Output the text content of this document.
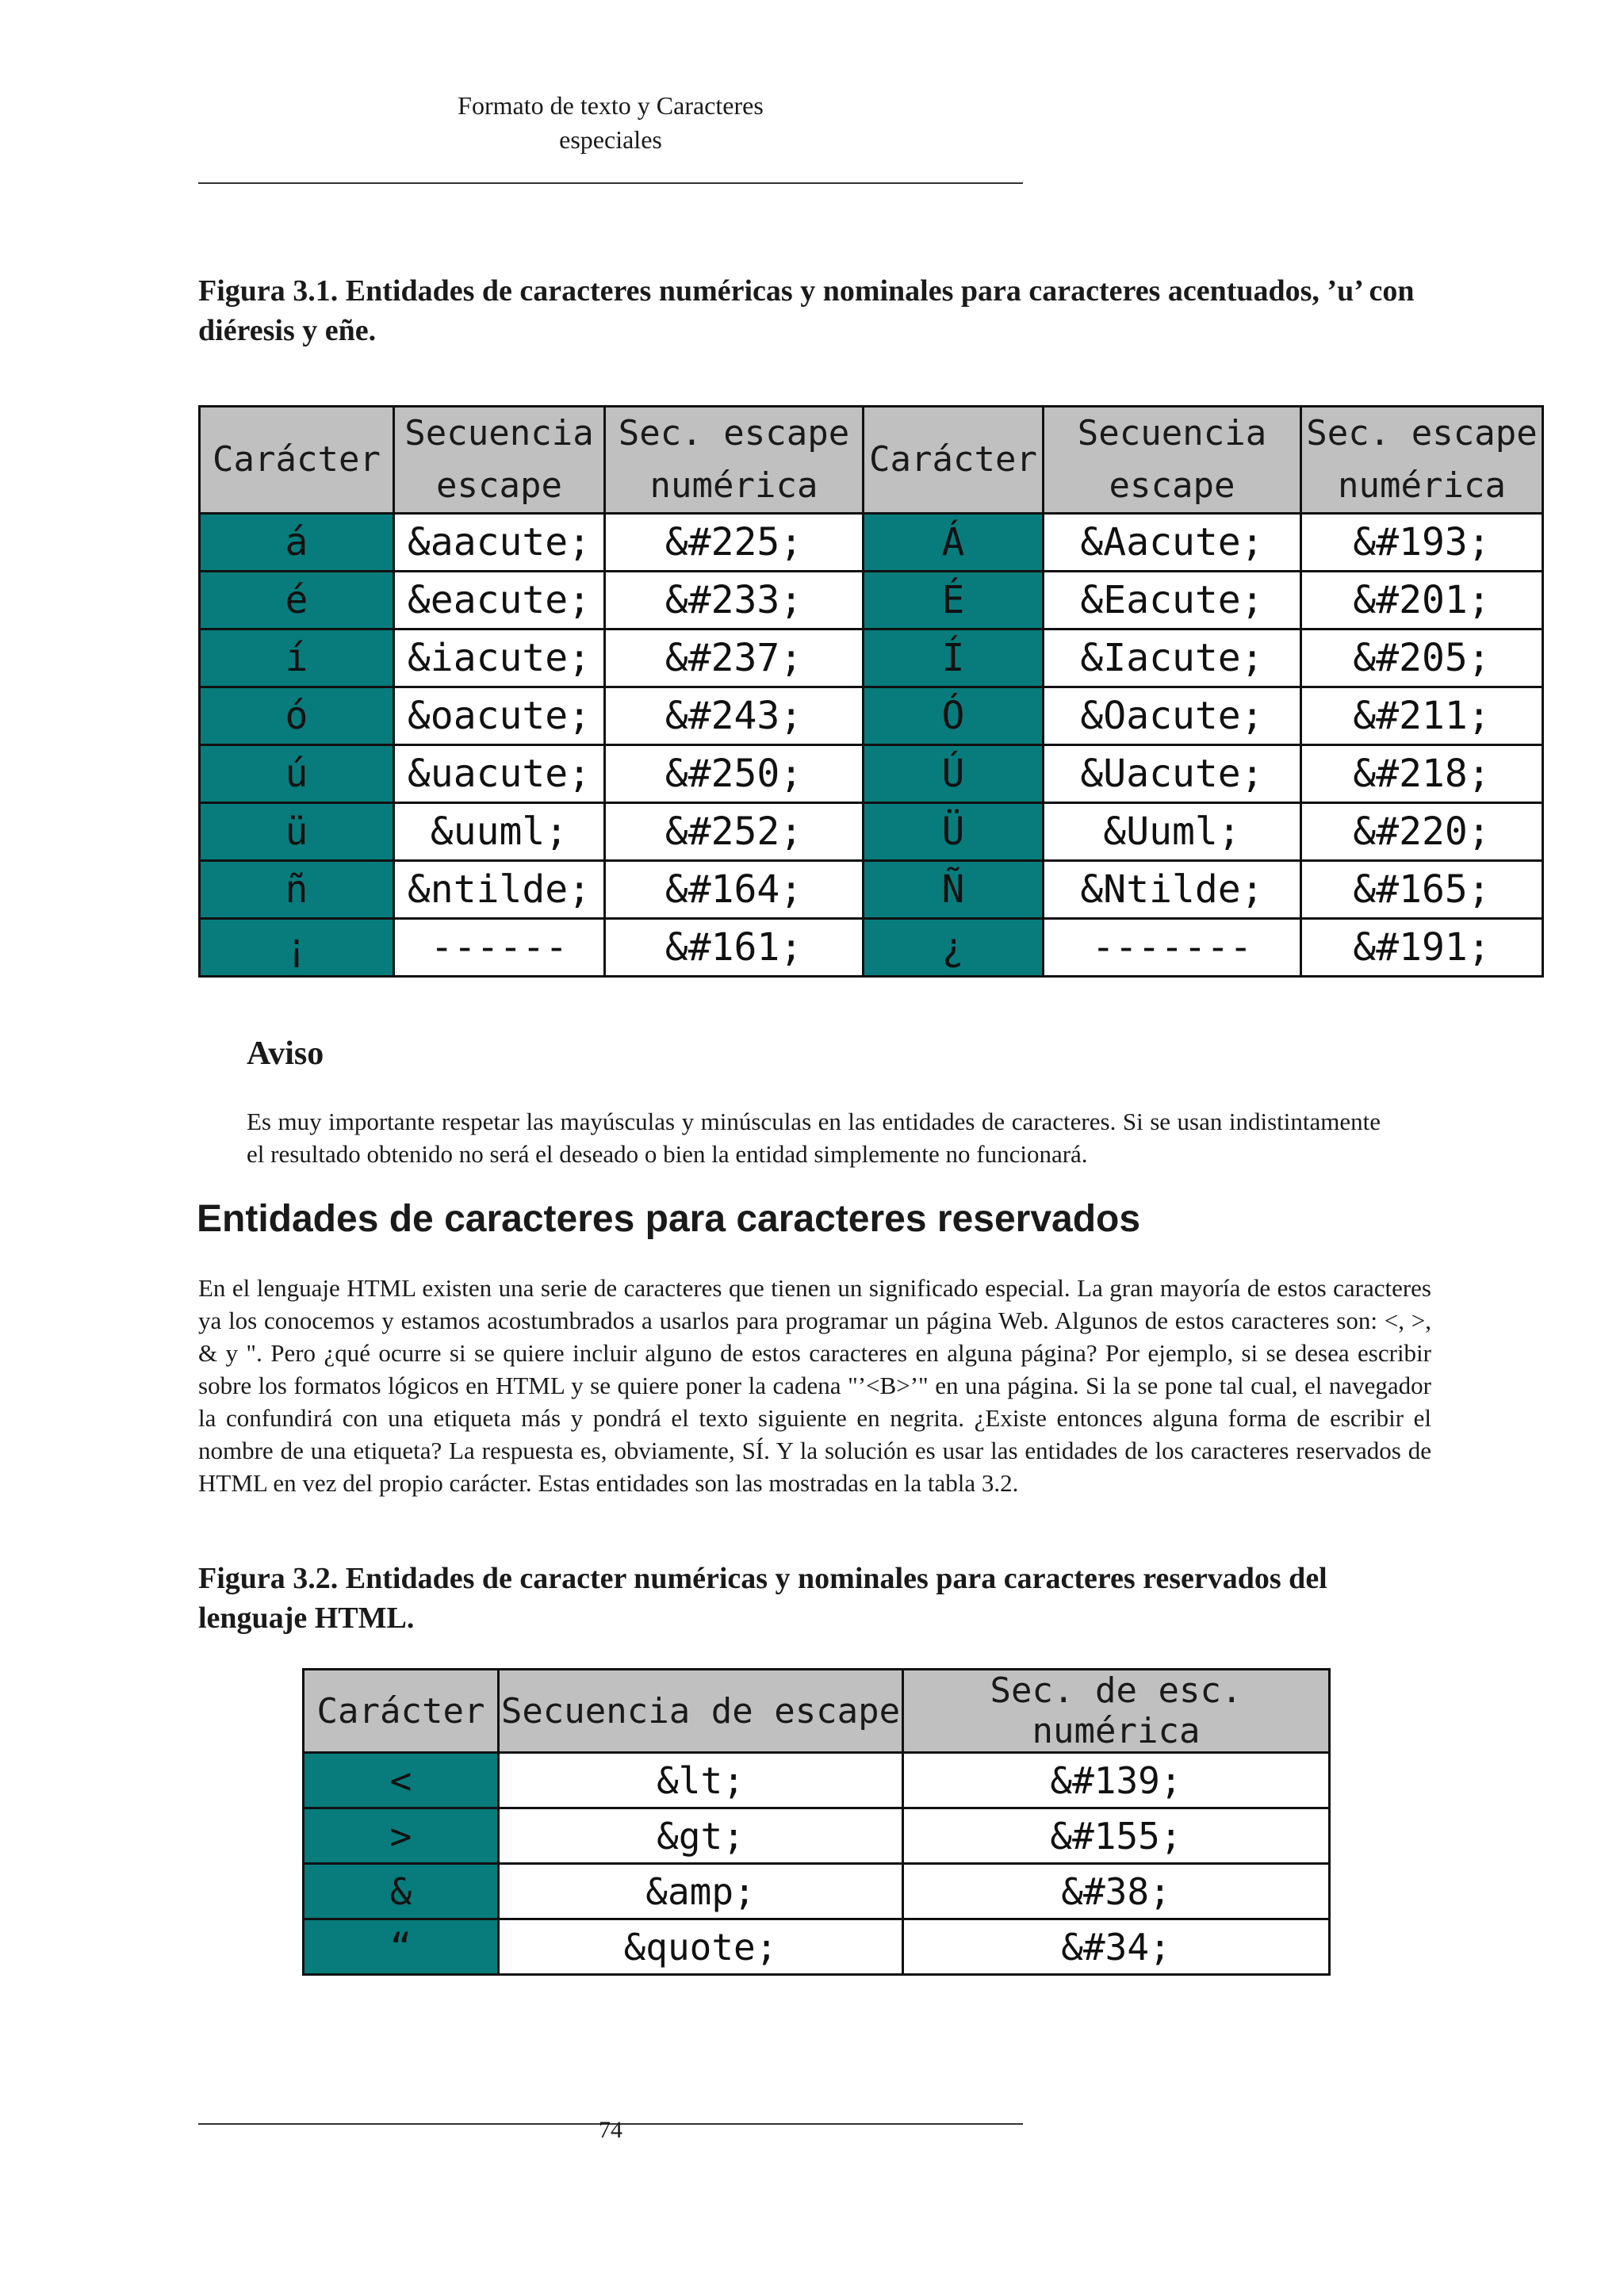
Formato de texto y Caracteres
especiales

Figura 3.1. Entidades de caracteres numéricas y nominales para caracteres acentuados, ’u’ con diéresis y eñe.

Carácter	Secuencia escape	Sec. escape numérica	Carácter	Secuencia escape	Sec. escape numérica
á	&aacute;	&#225;	Á	&Aacute;	&#193;
é	&eacute;	&#233;	É	&Eacute;	&#201;
í	&iacute;	&#237;	Í	&Iacute;	&#205;
ó	&oacute;	&#243;	Ó	&Oacute;	&#211;
ú	&uacute;	&#250;	Ú	&Uacute;	&#218;
ü	&uuml;	&#252;	Ü	&Uuml;	&#220;
ñ	&ntilde;	&#164;	Ñ	&Ntilde;	&#165;
¡	------	&#161;	¿	-------	&#191;
Aviso

Es muy importante respetar las mayúsculas y minúsculas en las entidades de caracteres. Si se usan indistintamente el resultado obtenido no será el deseado o bien la entidad simplemente no funcionará.

Entidades de caracteres para caracteres reservados

En el lenguaje HTML existen una serie de caracteres que tienen un significado especial. La gran mayoría de estos caracteres ya los conocemos y estamos acostumbrados a usarlos para programar un página Web. Algunos de estos caracteres son: <, >, & y ". Pero ¿qué ocurre si se quiere incluir alguno de estos caracteres en alguna página? Por ejemplo, si se desea escribir sobre los formatos lógicos en HTML y se quiere poner la cadena "’<B>’" en una página. Si la se pone tal cual, el navegador la confundirá con una etiqueta más y pondrá el texto siguiente en negrita. ¿Existe entonces alguna forma de escribir el nombre de una etiqueta? La respuesta es, obviamente, SÍ. Y la solución es usar las entidades de los caracteres reservados de HTML en vez del propio carácter. Estas entidades son las mostradas en la tabla 3.2.

Figura 3.2. Entidades de caracter numéricas y nominales para caracteres reservados del lenguaje HTML.

Carácter	Secuencia de escape	Sec. de esc. numérica
<	&lt;	&#139;
>	&gt;	&#155;
&	&amp;	&#38;
“	&quote;	&#34;
74
